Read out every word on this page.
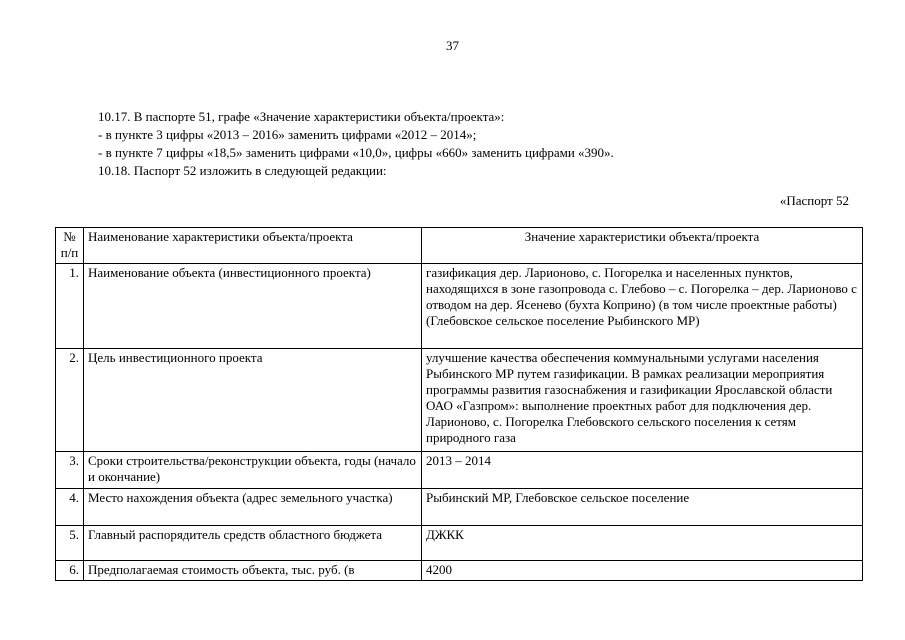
37
10.17. В паспорте 51, графе «Значение характеристики объекта/проекта»:
- в пункте 3 цифры «2013 – 2016» заменить цифрами «2012 – 2014»;
- в пункте 7 цифры «18,5» заменить цифрами «10,0», цифры «660» заменить цифрами «390».
10.18. Паспорт 52 изложить в следующей редакции:
«Паспорт 52
№ п/п	Наименование характеристики объекта/проекта	Значение характеристики объекта/проекта
1.	Наименование объекта (инвестиционного проекта)	газификация дер. Ларионово, с. Погорелка и населенных пунктов, находящихся в зоне газопровода с. Глебово – с. Погорелка – дер. Ларионово с отводом на дер. Ясенево (бухта Коприно) (в том числе проектные работы) (Глебовское сельское поселение Рыбинского МР)
2.	Цель инвестиционного проекта	улучшение качества обеспечения коммунальными услугами населения Рыбинского МР путем газификации. В рамках реализации мероприятия программы развития газоснабжения и газификации Ярославской области ОАО «Газпром»: выполнение проектных работ для подключения дер. Ларионово, с. Погорелка Глебовского сельского поселения к сетям природного газа
3.	Сроки строительства/реконструкции объекта, годы (начало и окончание)	2013 – 2014
4.	Место нахождения объекта (адрес земельного участка)	Рыбинский МР, Глебовское сельское поселение
5.	Главный распорядитель средств областного бюджета	ДЖКК
6.	Предполагаемая стоимость объекта, тыс. руб. (в	4200
